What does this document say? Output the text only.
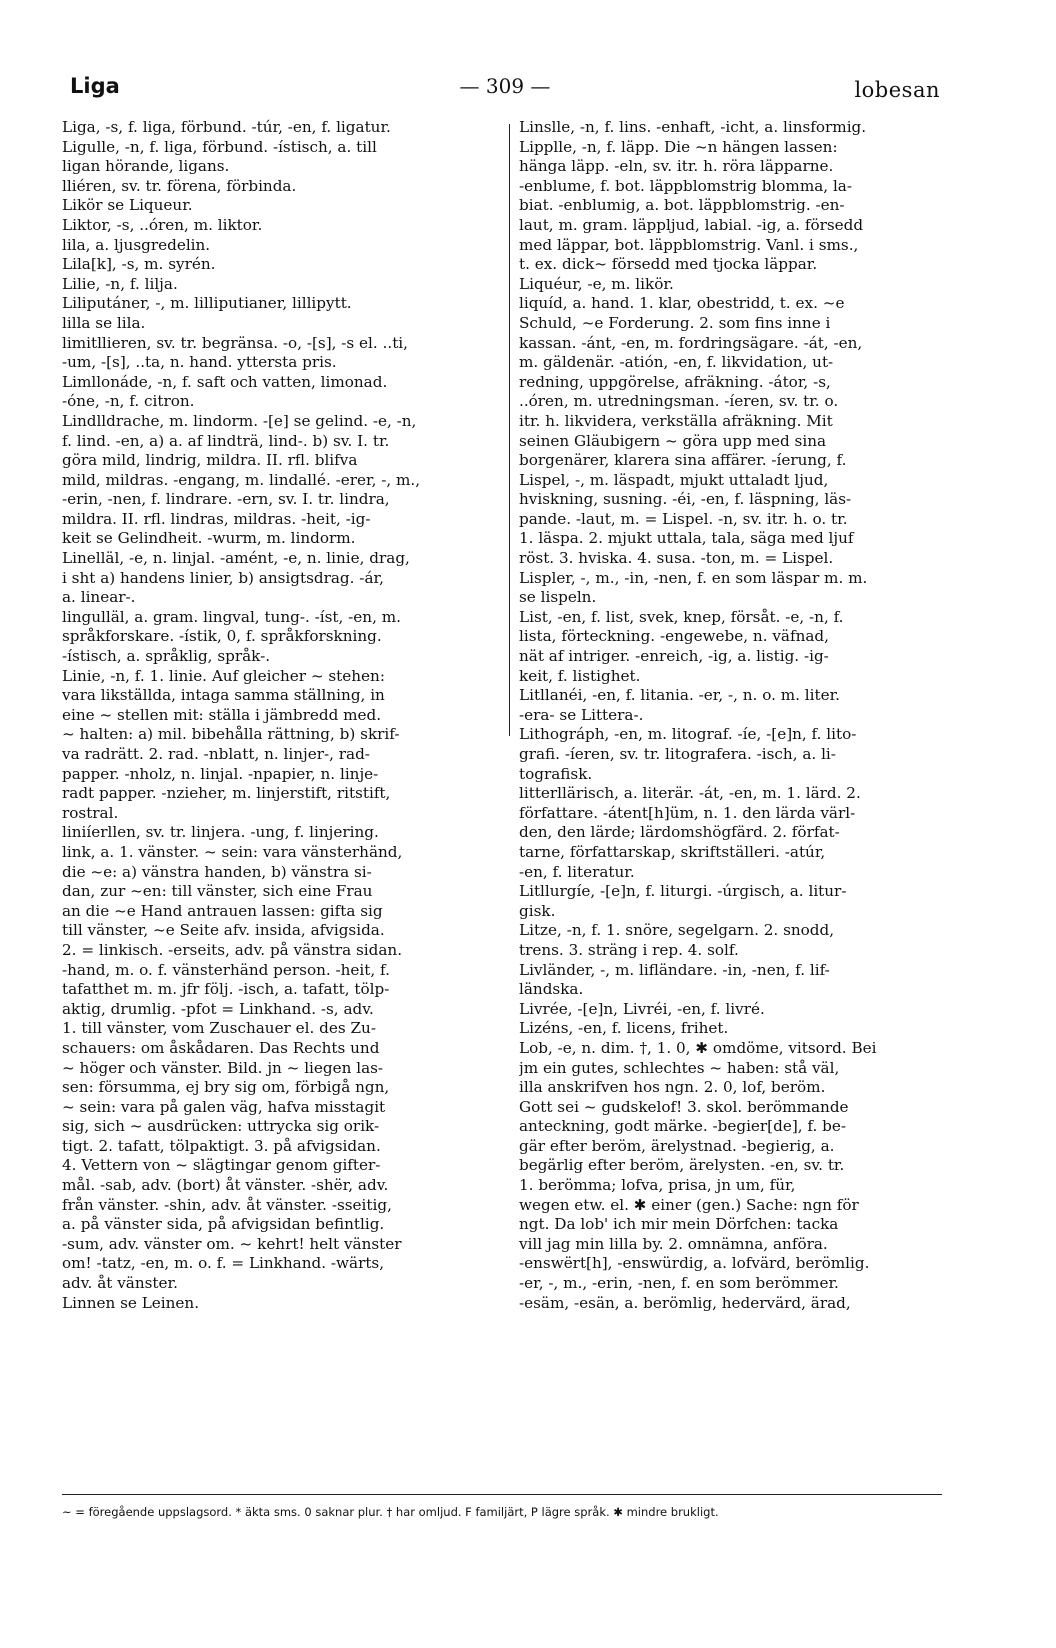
Liga	— 309 —	lobesan
Liga, -s, f. liga, förbund. -túr, -en, f. ligatur.
Ligulle, -n, f. liga, förbund. -ístisch, a. till
ligan hörande, ligans.
lliéren, sv. tr. förena, förbinda.
Likör se Liqueur.
Liktor, -s, ..óren, m. liktor.
lila, a. ljusgredelin.
Lila[k], -s, m. syrén.
Lilie, -n, f. lilja.
Liliputáner, -, m. lilliputianer, lillipytt.
lilla se lila.
limitllieren, sv. tr. begränsa. -o, -[s], -s el. ..ti,
-um, -[s], ..ta, n. hand. yttersta pris.
Limllonáde, -n, f. saft och vatten, limonad.
-óne, -n, f. citron.
Lindlldrache, m. lindorm. -[e] se gelind. -e, -n,
f. lind. -en, a) a. af lindträ, lind-. b) sv. I. tr.
göra mild, lindrig, mildra. II. rfl. blifva
mild, mildras. -engang, m. lindallé. -erer, -, m.,
-erin, -nen, f. lindrare. -ern, sv. I. tr. lindra,
mildra. II. rfl. lindras, mildras. -heit, -ig-
keit se Gelindheit. -wurm, m. lindorm.
Linelläl, -e, n. linjal. -amént, -e, n. linie, drag,
i sht a) handens linier, b) ansigtsdrag. -ár,
a. linear-.
lingulläl, a. gram. lingval, tung-. -íst, -en, m.
språkforskare. -ístik, 0, f. språkforskning.
-ístisch, a. språklig, språk-.
Linie, -n, f. 1. linie. Auf gleicher ~ stehen:
vara likställda, intaga samma ställning, in
eine ~ stellen mit: ställa i jämbredd med.
~ halten: a) mil. bibehålla rättning, b) skrif-
va radrätt. 2. rad. -nblatt, n. linjer-, rad-
papper. -nholz, n. linjal. -npapier, n. linje-
radt papper. -nzieher, m. linjerstift, ritstift,
rostral.
liniíerllen, sv. tr. linjera. -ung, f. linjering.
link, a. 1. vänster. ~ sein: vara vänsterhänd,
die ~e: a) vänstra handen, b) vänstra si-
dan, zur ~en: till vänster, sich eine Frau
an die ~e Hand antrauen lassen: gifta sig
till vänster, ~e Seite afv. insida, afvigsida.
2. = linkisch. -erseits, adv. på vänstra sidan.
-hand, m. o. f. vänsterhänd person. -heit, f.
tafatthet m. m. jfr följ. -isch, a. tafatt, tölp-
aktig, drumlig. -pfot = Linkhand. -s, adv.
1. till vänster, vom Zuschauer el. des Zu-
schauers: om åskådaren. Das Rechts und
~ höger och vänster. Bild. jn ~ liegen las-
sen: försumma, ej bry sig om, förbigå ngn,
~ sein: vara på galen väg, hafva misstagit
sig, sich ~ ausdrücken: uttrycka sig orik-
tigt. 2. tafatt, tölpaktigt. 3. på afvigsidan.
4. Vettern von ~ slägtingar genom gifter-
mål. -sab, adv. (bort) åt vänster. -shër, adv.
från vänster. -shin, adv. åt vänster. -sseitig,
a. på vänster sida, på afvigsidan befintlig.
-sum, adv. vänster om. ~ kehrt! helt vänster
om! -tatz, -en, m. o. f. = Linkhand. -wärts,
adv. åt vänster.
Linnen se Leinen.
Linslle, -n, f. lins. -enhaft, -icht, a. linsformig.
Lipplle, -n, f. läpp. Die ~n hängen lassen:
hänga läpp. -eln, sv. itr. h. röra läpparne.
-enblume, f. bot. läppblomstrig blomma, la-
biat. -enblumig, a. bot. läppblomstrig. -en-
laut, m. gram. läppljud, labial. -ig, a. försedd
med läppar, bot. läppblomstrig. Vanl. i sms.,
t. ex. dick~ försedd med tjocka läppar.
Liquéur, -e, m. likör.
liquíd, a. hand. 1. klar, obestridd, t. ex. ~e
Schuld, ~e Forderung. 2. som fins inne i
kassan. -ánt, -en, m. fordringsägare. -át, -en,
m. gäldenär. -atión, -en, f. likvidation, ut-
redning, uppgörelse, afräkning. -átor, -s,
..óren, m. utredningsman. -íeren, sv. tr. o.
itr. h. likvidera, verkställa afräkning. Mit
seinen Gläubigern ~ göra upp med sina
borgenärer, klarera sina affärer. -íerung, f.
Lispel, -, m. läspadt, mjukt uttaladt ljud,
hviskning, susning. -éi, -en, f. läspning, läs-
pande. -laut, m. = Lispel. -n, sv. itr. h. o. tr.
1. läspa. 2. mjukt uttala, tala, säga med ljuf
röst. 3. hviska. 4. susa. -ton, m. = Lispel.
Lispler, -, m., -in, -nen, f. en som läspar m. m.
se lispeln.
List, -en, f. list, svek, knep, försåt. -e, -n, f.
lista, förteckning. -engewebe, n. väfnad,
nät af intriger. -enreich, -ig, a. listig. -ig-
keit, f. listighet.
Litllanéi, -en, f. litania. -er, -, n. o. m. liter.
-era- se Littera-.
Lithográph, -en, m. litograf. -íe, -[e]n, f. lito-
grafi. -íeren, sv. tr. litografera. -isch, a. li-
tografisk.
litterllärisch, a. literär. -át, -en, m. 1. lärd. 2.
författare. -átent[h]üm, n. 1. den lärda värl-
den, den lärde; lärdomshögfärd. 2. förfat-
tarne, författarskap, skriftställeri. -atúr,
-en, f. literatur.
Litllurgíe, -[e]n, f. liturgi. -úrgisch, a. litur-
gisk.
Litze, -n, f. 1. snöre, segelgarn. 2. snodd,
trens. 3. sträng i rep. 4. solf.
Livländer, -, m. lifländare. -in, -nen, f. lif-
ländska.
Livrée, -[e]n, Livréi, -en, f. livré.
Lizéns, -en, f. licens, frihet.
Lob, -e, n. dim. †, 1. 0, ✱ omdöme, vitsord. Bei
jm ein gutes, schlechtes ~ haben: stå väl,
illa anskrifven hos ngn. 2. 0, lof, beröm.
Gott sei ~ gudskelof! 3. skol. berömmande
anteckning, godt märke. -begier[de], f. be-
gär efter beröm, ärelystnad. -begierig, a.
begärlig efter beröm, ärelysten. -en, sv. tr.
1. berömma; lofva, prisa, jn um, für,
wegen etw. el. ✱ einer (gen.) Sache: ngn för
ngt. Da lob' ich mir mein Dörfchen: tacka
vill jag min lilla by. 2. omnämna, anföra.
-enswërt[h], -enswürdig, a. lofvärd, berömlig.
-er, -, m., -erin, -nen, f. en som berömmer.
-esäm, -esän, a. berömlig, hedervärd, ärad,
~ = föregående uppslagsord. * äkta sms. 0 saknar plur. † har omljud. F familjärt, P lägre språk. ✱ mindre brukligt.
